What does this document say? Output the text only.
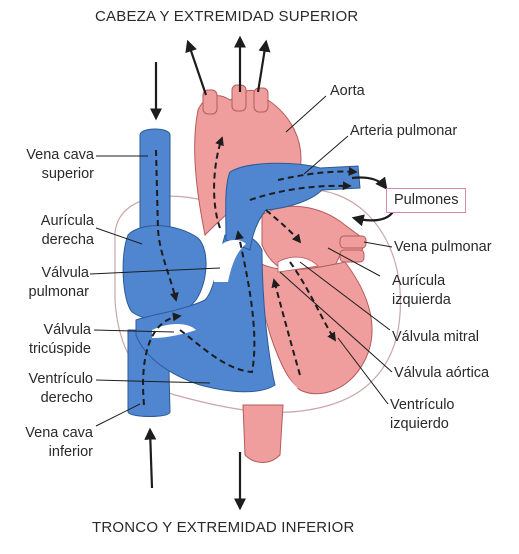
CABEZA Y EXTREMIDAD SUPERIOR
TRONCO Y EXTREMIDAD INFERIOR
Vena cava
superior
Aurícula
derecha
Válvula
pulmonar
Válvula
tricúspide
Ventrículo
derecho
Vena cava
inferior
Aorta
Arteria pulmonar
Pulmones
Vena pulmonar
Aurícula
izquierda
Válvula mitral
Válvula aórtica
Ventrículo
izquierdo
